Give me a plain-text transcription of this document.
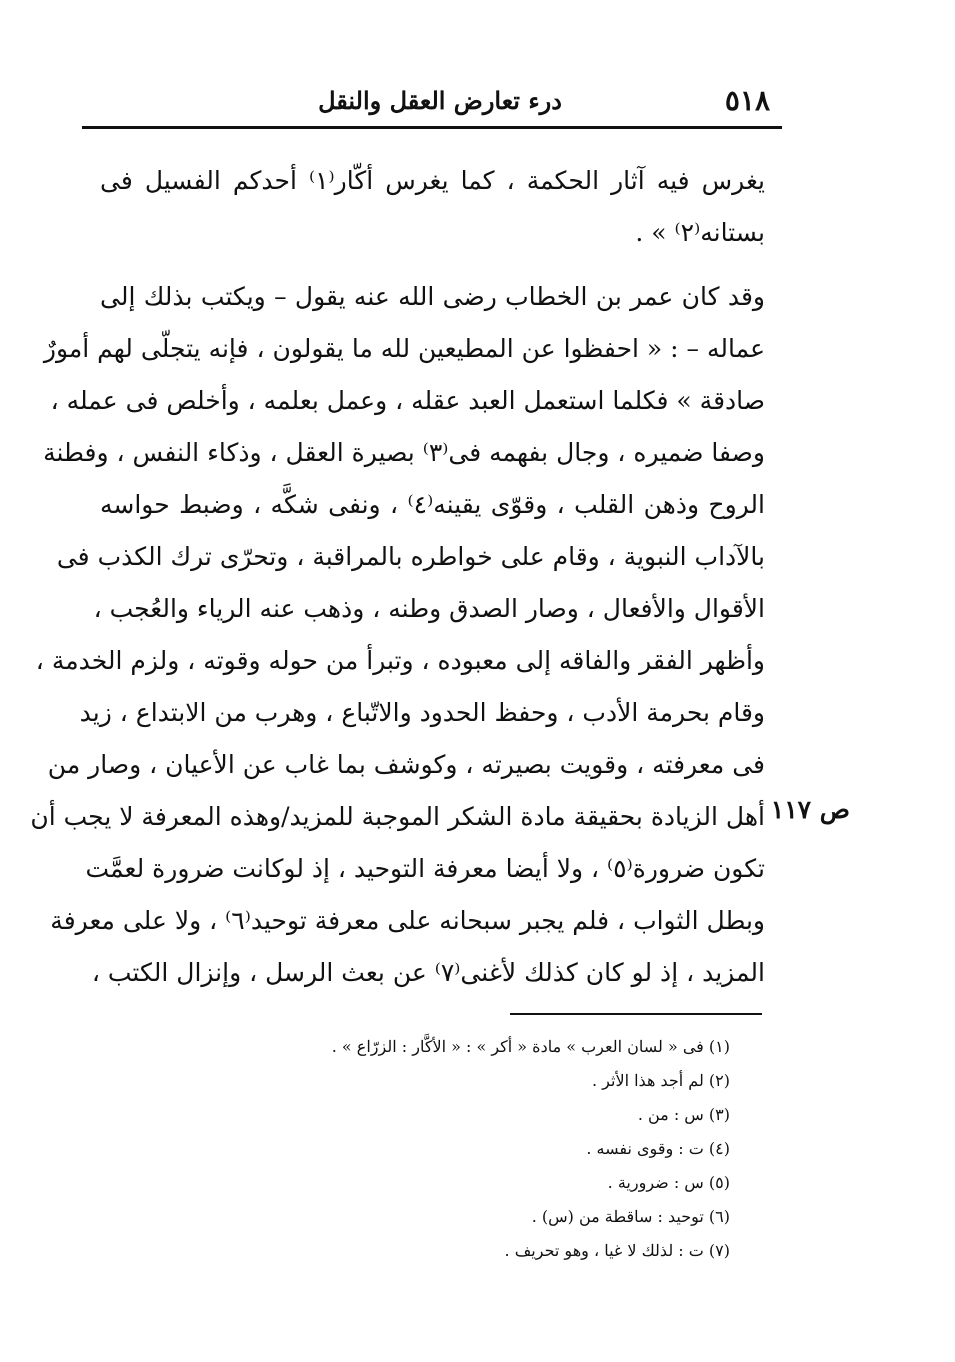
٥١٨
درء تعارض العقل والنقل
يغرس فيه آثار الحكمة ، كما يغرس أكّار⁽١⁾ أحدكم الفسيل فى
بستانه⁽٢⁾ » .
وقد كان عمر بن الخطاب رضى الله عنه يقول – ويكتب بذلك إلى
عماله – : « احفظوا عن المطيعين لله ما يقولون ، فإنه يتجلّى لهم أمورٌ
صادقة » فكلما استعمل العبد عقله ، وعمل بعلمه ، وأخلص فى عمله ،
وصفا ضميره ، وجال بفهمه فى⁽٣⁾ بصيرة العقل ، وذكاء النفس ، وفطنة
الروح وذهن القلب ، وقوّى يقينه⁽٤⁾ ، ونفى شكَّه ، وضبط حواسه
بالآداب النبوية ، وقام على خواطره بالمراقبة ، وتحرّى ترك الكذب فى
الأقوال والأفعال ، وصار الصدق وطنه ، وذهب عنه الرياء والعُجب ،
وأظهر الفقر والفاقه إلى معبوده ، وتبرأ من حوله وقوته ، ولزم الخدمة ،
وقام بحرمة الأدب ، وحفظ الحدود والاتّباع ، وهرب من الابتداع ، زيد
فى معرفته ، وقويت بصيرته ، وكوشف بما غاب عن الأعيان ، وصار من
أهل الزيادة بحقيقة مادة الشكر الموجبة للمزيد/وهذه المعرفة لا يجب أن
تكون ضرورة⁽٥⁾ ، ولا أيضا معرفة التوحيد ، إذ لوكانت ضرورة لعمَّت
وبطل الثواب ، فلم يجبر سبحانه على معرفة توحيد⁽٦⁾ ، ولا على معرفة
المزيد ، إذ لو كان كذلك لأغنى⁽٧⁾ عن بعث الرسل ، وإنزال الكتب ،
ص ١١٧
(١) فى « لسان العرب » مادة « أكر » : « الأكَّار : الزرّاع » .
(٢) لم أجد هذا الأثر .
(٣) س : من .
(٤) ت : وقوى نفسه .
(٥) س : ضرورية .
(٦) توحيد : ساقطة من (س) .
(٧) ت : لذلك لا غيا ، وهو تحريف .
